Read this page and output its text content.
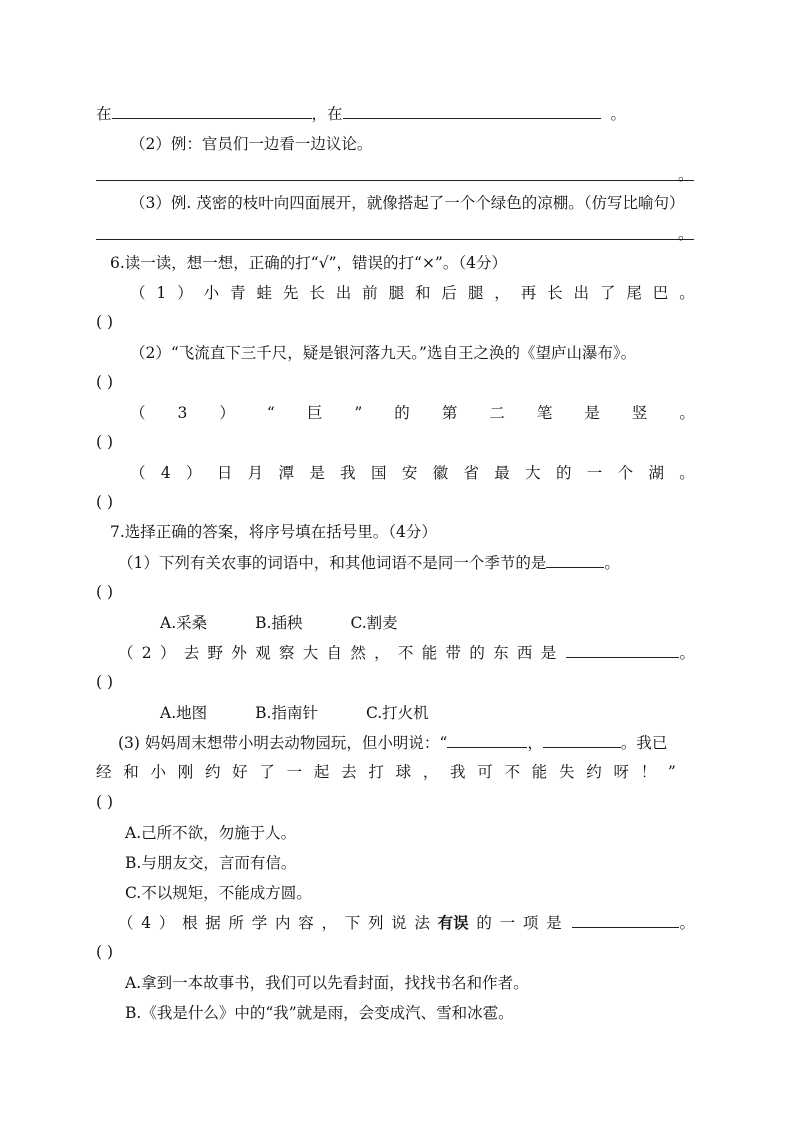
在	，在	。
（2）例：官员们一边看一边议论。
。
（3）例. 茂密的枝叶向四面展开，就像搭起了一个个绿色的凉棚。（仿写比喻句）
。
6.读一读，想一想，正确的打“√”，错误的打“×”。（4分）
（ 1 ） 小 青 蛙 先 长 出 前 腿 和 后 腿 ， 再 长 出 了 尾 巴 。
( )
（2）“飞流直下三千尺，疑是银河落九天。”选自王之涣的《望庐山瀑布》。
( )
（ 3 ） “ 巨 ” 的 第 二 笔 是 竖 。
( )
（ 4 ） 日 月 潭 是 我 国 安 徽 省 最 大 的 一 个 湖 。
( )
7.选择正确的答案，将序号填在括号里。（4分）
（1）下列有关农事的词语中，和其他词语不是同一个季节的是	。
( )
A.采桑	B.插秧	C.割麦
（ 2 ） 去 野 外 观 察 大 自 然 ， 不 能 带 的 东 西 是	。
( )
A.地图	B.指南针	C.打火机
(3) 妈妈周末想带小明去动物园玩，但小明说：“	，	。我已
经 和 小 刚 约 好 了 一 起 去 打 球 ， 我 可 不 能 失 约 呀 ！ ”
( )
A.己所不欲，勿施于人。
B.与朋友交，言而有信。
C.不以规矩，不能成方圆。
（ 4 ） 根 据 所 学 内 容 ， 下 列 说 法 有误 的 一 项 是	。
( )
A.拿到一本故事书，我们可以先看封面，找找书名和作者。
B.《我是什么》中的“我”就是雨，会变成汽、雪和冰雹。
